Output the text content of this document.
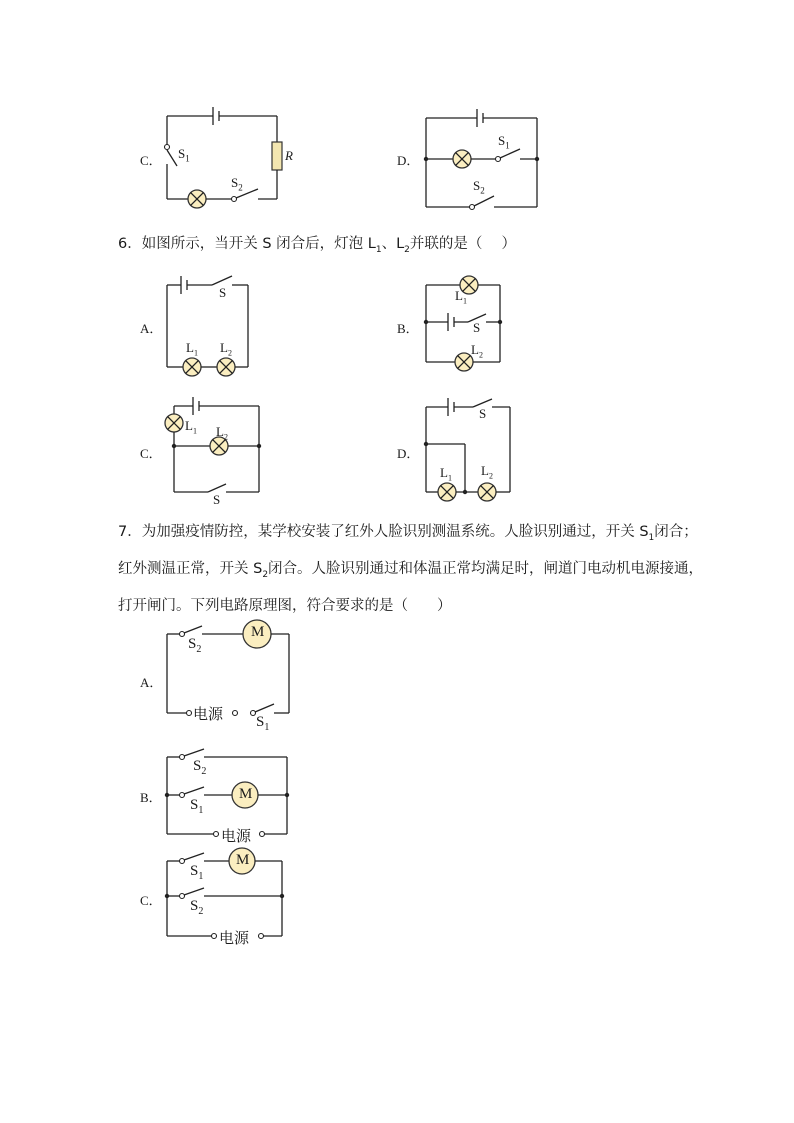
C． $S_1$
$S_2$
R	D．
$S_1$
$S_2$
6．如图所示，当开关 S 闭合后，灯泡 $L_1$、$L_2$并联的是（　 ）
A．
S
$L_1$ $L_2$
B．
$L_1$
S
$L_2$
C．
$L_1$ $L_2$
S
D．
S
$L_1$
$L_2$
7．为加强疫情防控，某学校安装了红外人脸识别测温系统。人脸识别通过，开关 $S_1$闭合；
红外测温正常，开关 $S_2$闭合。人脸识别通过和体温正常均满足时，闸道门电动机电源接通，
打开闸门。下列电路原理图，符合要求的是（　　）
A．
$S_2$
M
电源 $S_1$
B．
$S_2$
$S_1$
M
电源
C．
$S_1$
M
$S_2$
电源
